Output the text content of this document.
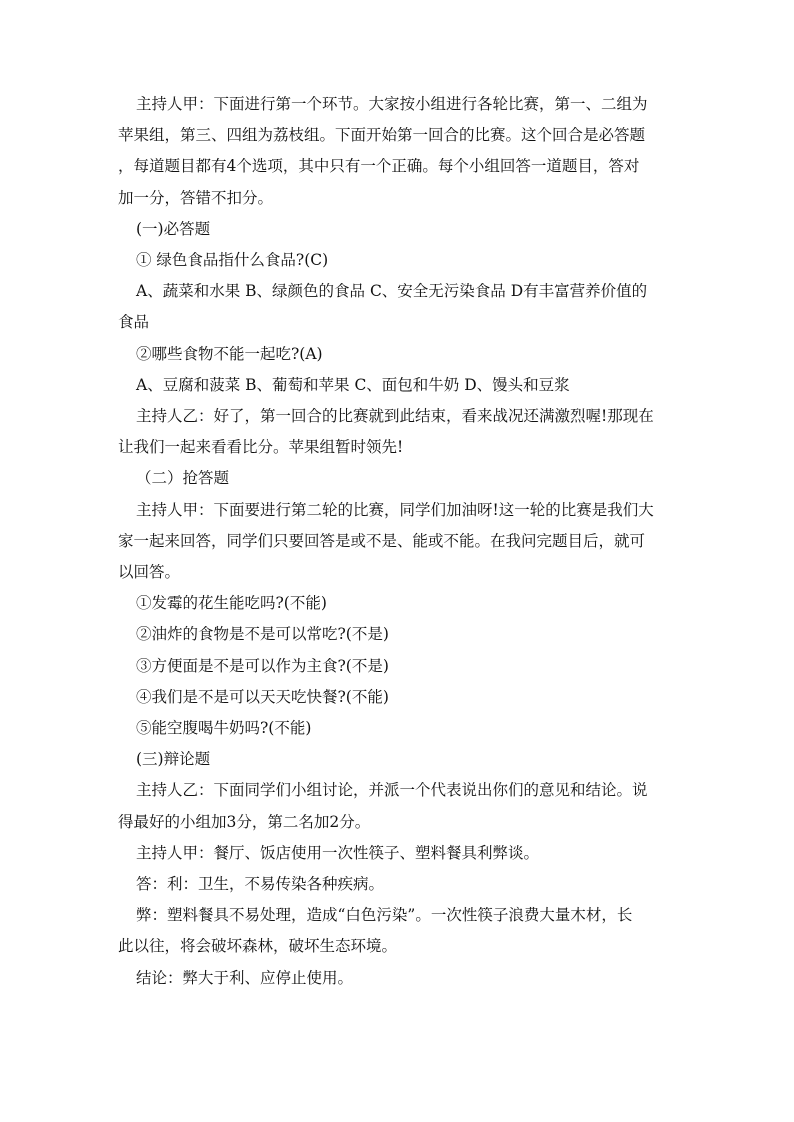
主持人甲：下面进行第一个环节。大家按小组进行各轮比赛，第一、二组为

苹果组，第三、四组为荔枝组。下面开始第一回合的比赛。这个回合是必答题

，每道题目都有4个选项，其中只有一个正确。每个小组回答一道题目，答对

加一分，答错不扣分。

(一)必答题

① 绿色食品指什么食品?(C)

A、蔬菜和水果 B、绿颜色的食品 C、安全无污染食品 D有丰富营养价值的

食品

②哪些食物不能一起吃?(A)

A、豆腐和菠菜 B、葡萄和苹果 C、面包和牛奶 D、馒头和豆浆

主持人乙：好了，第一回合的比赛就到此结束，看来战况还满激烈喔!那现在

让我们一起来看看比分。苹果组暂时领先!

（二）抢答题

主持人甲：下面要进行第二轮的比赛，同学们加油呀!这一轮的比赛是我们大

家一起来回答，同学们只要回答是或不是、能或不能。在我问完题目后，就可

以回答。

①发霉的花生能吃吗?(不能)

②油炸的食物是不是可以常吃?(不是)

③方便面是不是可以作为主食?(不是)

④我们是不是可以天天吃快餐?(不能)

⑤能空腹喝牛奶吗?(不能)

(三)辩论题

主持人乙：下面同学们小组讨论，并派一个代表说出你们的意见和结论。说

得最好的小组加3分，第二名加2分。

主持人甲：餐厅、饭店使用一次性筷子、塑料餐具利弊谈。

答：利：卫生，不易传染各种疾病。

弊：塑料餐具不易处理，造成“白色污染”。一次性筷子浪费大量木材，长

此以往，将会破坏森林，破坏生态环境。

结论：弊大于利、应停止使用。
